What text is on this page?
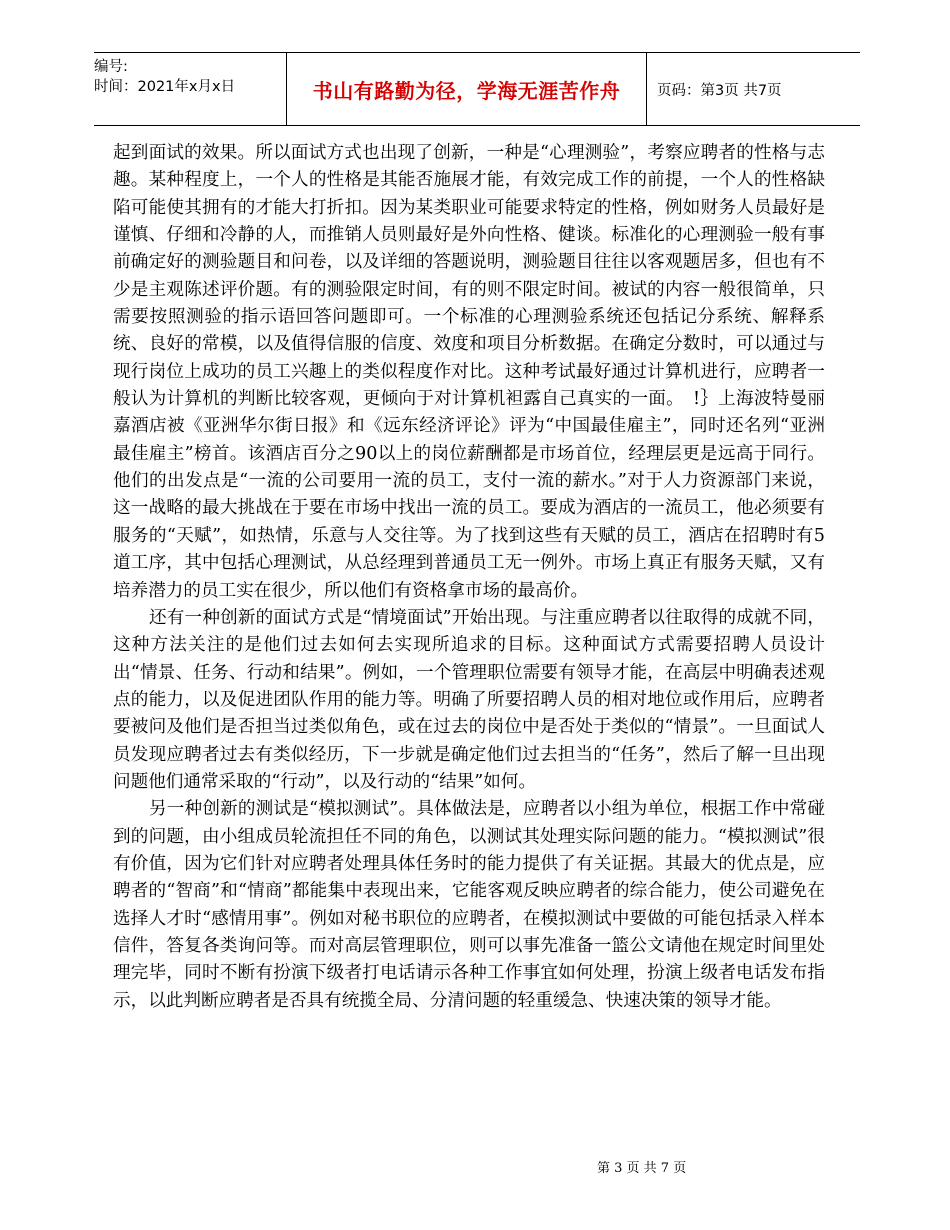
编号:
时间：2021年x月x日	书山有路勤为径，学海无涯苦作舟	页码：第3页 共7页

起到面试的效果。所以面试方式也出现了创新，一种是“心理测验”，考察应聘者的性格与志趣。某种程度上，一个人的性格是其能否施展才能，有效完成工作的前提，一个人的性格缺陷可能使其拥有的才能大打折扣。因为某类职业可能要求特定的性格，例如财务人员最好是谨慎、仔细和冷静的人，而推销人员则最好是外向性格、健谈。标准化的心理测验一般有事前确定好的测验题目和问卷，以及详细的答题说明，测验题目往往以客观题居多，但也有不少是主观陈述评价题。有的测验限定时间，有的则不限定时间。被试的内容一般很简单，只需要按照测验的指示语回答问题即可。一个标准的心理测验系统还包括记分系统、解释系统、良好的常模，以及值得信服的信度、效度和项目分析数据。在确定分数时，可以通过与现行岗位上成功的员工兴趣上的类似程度作对比。这种考试最好通过计算机进行，应聘者一般认为计算机的判断比较客观，更倾向于对计算机袒露自己真实的一面。　!｝上海波特曼丽嘉酒店被《亚洲华尔街日报》和《远东经济评论》评为“中国最佳雇主”，同时还名列“亚洲最佳雇主”榜首。该酒店百分之90以上的岗位薪酬都是市场首位，经理层更是远高于同行。他们的出发点是“一流的公司要用一流的员工，支付一流的薪水。”对于人力资源部门来说，这一战略的最大挑战在于要在市场中找出一流的员工。要成为酒店的一流员工，他必须要有服务的“天赋”，如热情，乐意与人交往等。为了找到这些有天赋的员工，酒店在招聘时有5道工序，其中包括心理测试，从总经理到普通员工无一例外。市场上真正有服务天赋，又有培养潜力的员工实在很少，所以他们有资格拿市场的最高价。

还有一种创新的面试方式是“情境面试”开始出现。与注重应聘者以往取得的成就不同，这种方法关注的是他们过去如何去实现所追求的目标。这种面试方式需要招聘人员设计出“情景、任务、行动和结果”。例如，一个管理职位需要有领导才能，在高层中明确表述观点的能力，以及促进团队作用的能力等。明确了所要招聘人员的相对地位或作用后，应聘者要被问及他们是否担当过类似角色，或在过去的岗位中是否处于类似的“情景”。一旦面试人员发现应聘者过去有类似经历，下一步就是确定他们过去担当的“任务”，然后了解一旦出现问题他们通常采取的“行动”，以及行动的“结果”如何。

另一种创新的测试是“模拟测试”。具体做法是，应聘者以小组为单位，根据工作中常碰到的问题，由小组成员轮流担任不同的角色，以测试其处理实际问题的能力。“模拟测试”很有价值，因为它们针对应聘者处理具体任务时的能力提供了有关证据。其最大的优点是，应聘者的“智商”和“情商”都能集中表现出来，它能客观反映应聘者的综合能力，使公司避免在选择人才时“感情用事”。例如对秘书职位的应聘者，在模拟测试中要做的可能包括录入样本信件，答复各类询问等。而对高层管理职位，则可以事先准备一篮公文请他在规定时间里处理完毕，同时不断有扮演下级者打电话请示各种工作事宜如何处理，扮演上级者电话发布指示，以此判断应聘者是否具有统揽全局、分清问题的轻重缓急、快速决策的领导才能。

第 3 页 共 7 页
